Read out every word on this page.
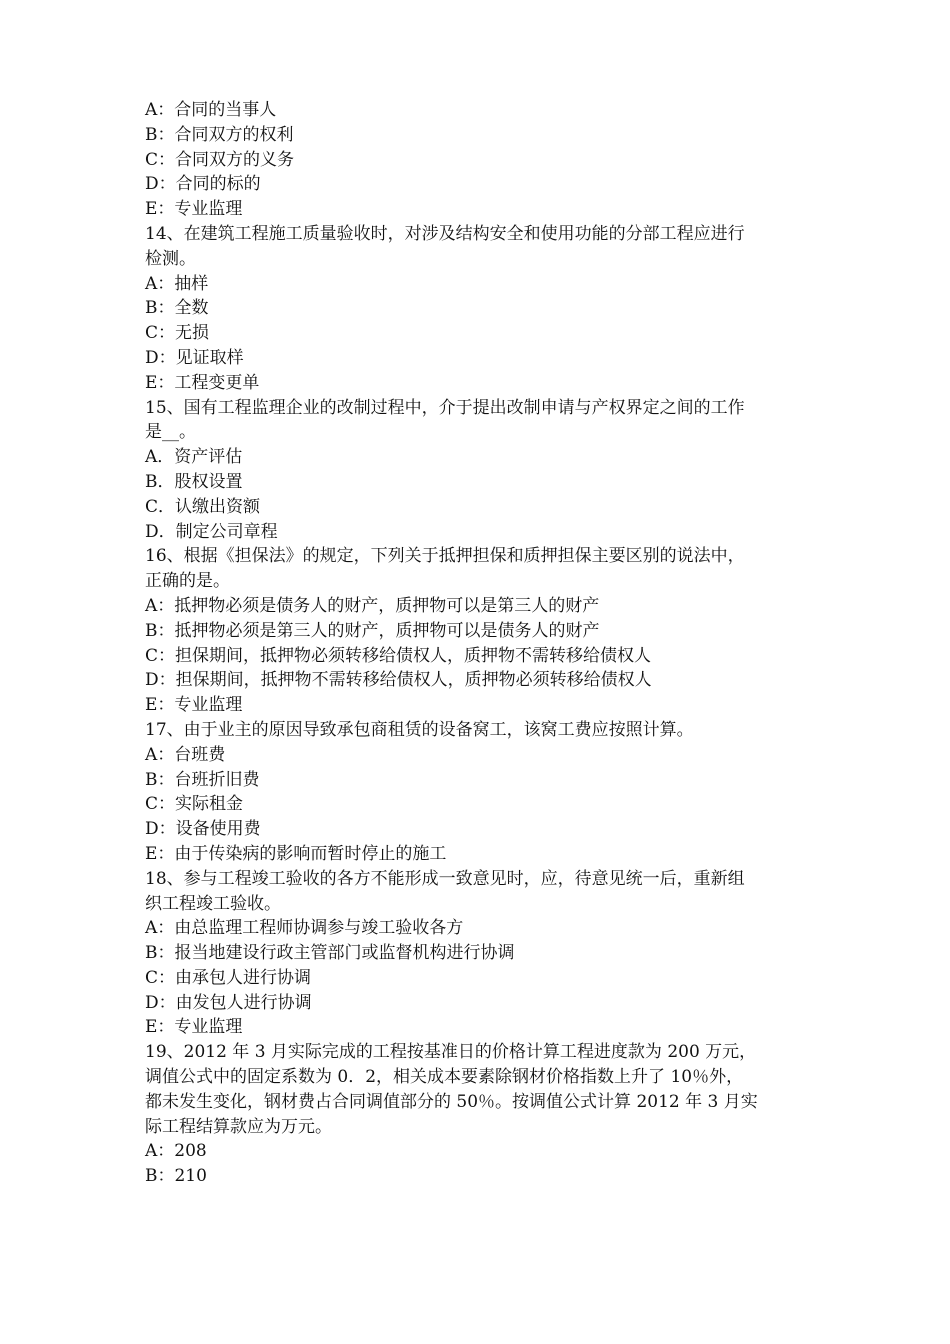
A：合同的当事人
B：合同双方的权利
C：合同双方的义务
D：合同的标的
E：专业监理
14、在建筑工程施工质量验收时，对涉及结构安全和使用功能的分部工程应进行
检测。
A：抽样
B：全数
C：无损
D：见证取样
E：工程变更单
15、国有工程监理企业的改制过程中，介于提出改制申请与产权界定之间的工作
是__。
A．资产评估
B．股权设置
C．认缴出资额
D．制定公司章程
16、根据《担保法》的规定，下列关于抵押担保和质押担保主要区别的说法中，
正确的是。
A：抵押物必须是债务人的财产，质押物可以是第三人的财产
B：抵押物必须是第三人的财产，质押物可以是债务人的财产
C：担保期间，抵押物必须转移给债权人，质押物不需转移给债权人
D：担保期间，抵押物不需转移给债权人，质押物必须转移给债权人
E：专业监理
17、由于业主的原因导致承包商租赁的设备窝工，该窝工费应按照计算。
A：台班费
B：台班折旧费
C：实际租金
D：设备使用费
E：由于传染病的影响而暂时停止的施工
18、参与工程竣工验收的各方不能形成一致意见时，应，待意见统一后，重新组
织工程竣工验收。
A：由总监理工程师协调参与竣工验收各方
B：报当地建设行政主管部门或监督机构进行协调
C：由承包人进行协调
D：由发包人进行协调
E：专业监理
19、2012 年 3 月实际完成的工程按基准日的价格计算工程进度款为 200 万元，
调值公式中的固定系数为 0．2，相关成本要素除钢材价格指数上升了 10％外，
都未发生变化，钢材费占合同调值部分的 50％。按调值公式计算 2012 年 3 月实
际工程结算款应为万元。
A：208
B：210
